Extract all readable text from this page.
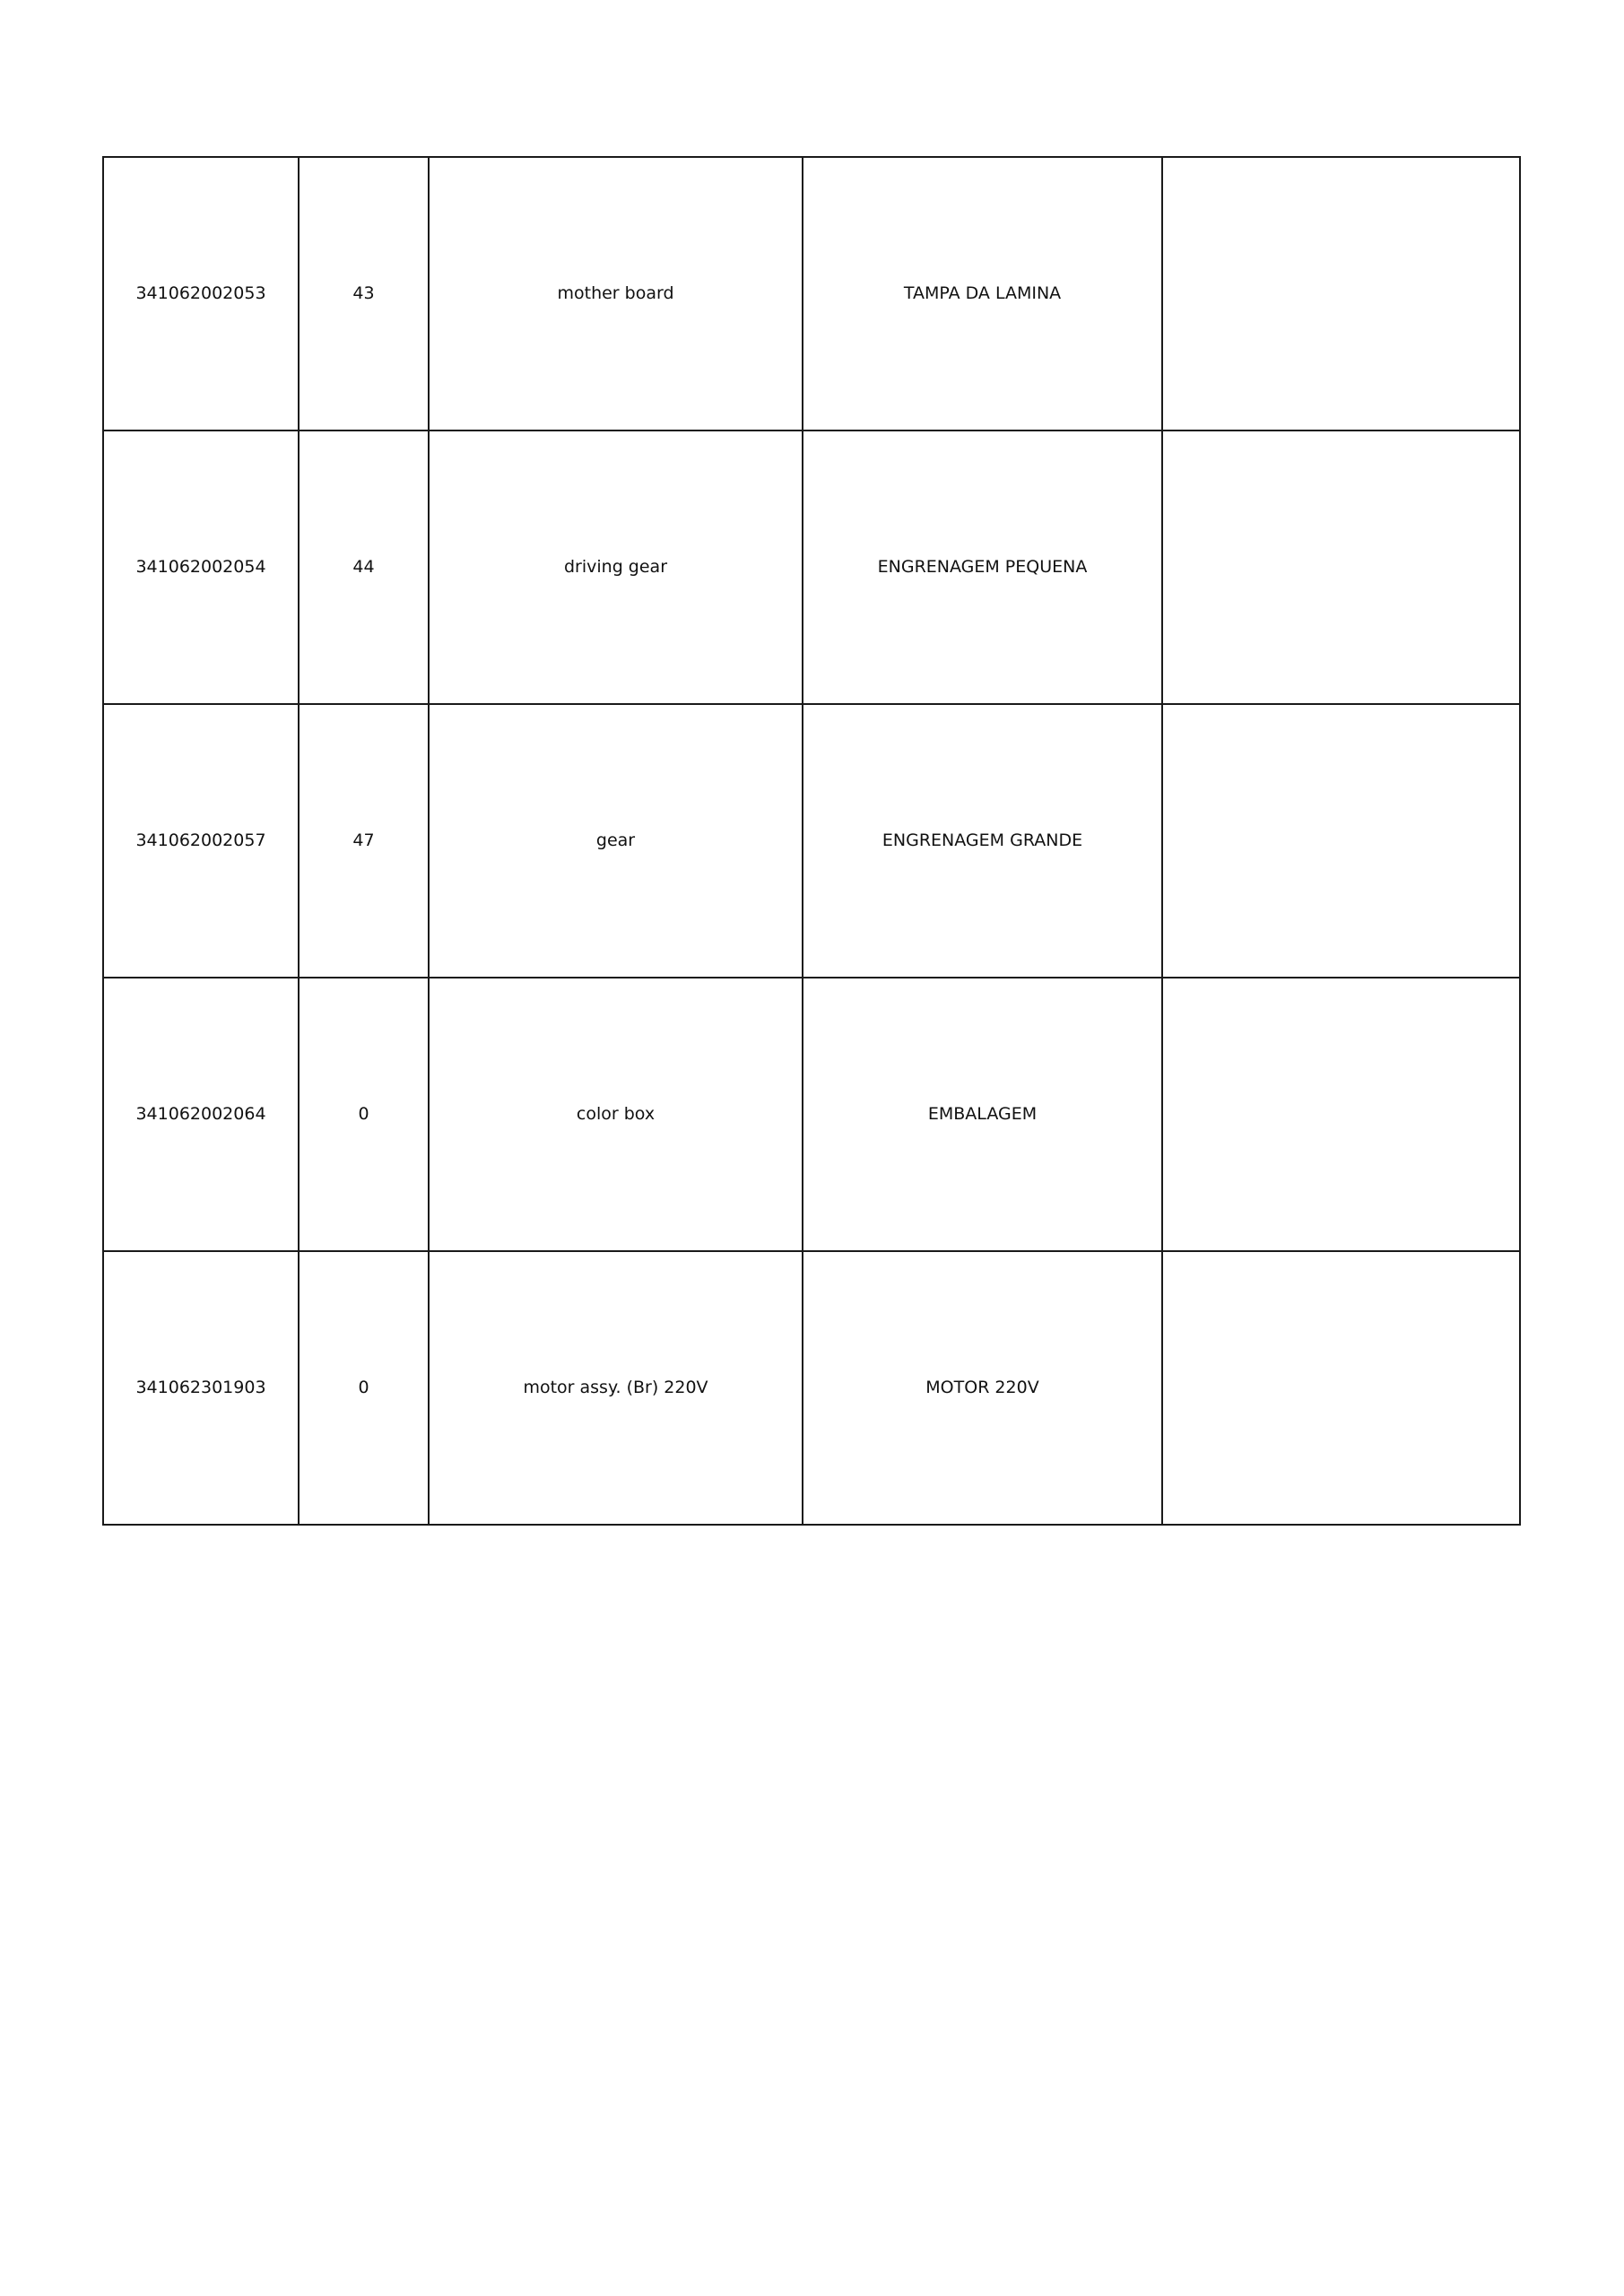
341062002053	43	mother board	TAMPA DA LAMINA	
341062002054	44	driving gear	ENGRENAGEM PEQUENA	
341062002057	47	gear	ENGRENAGEM GRANDE	
341062002064	0	color box	EMBALAGEM	
341062301903	0	motor assy. (Br) 220V	MOTOR 220V	
